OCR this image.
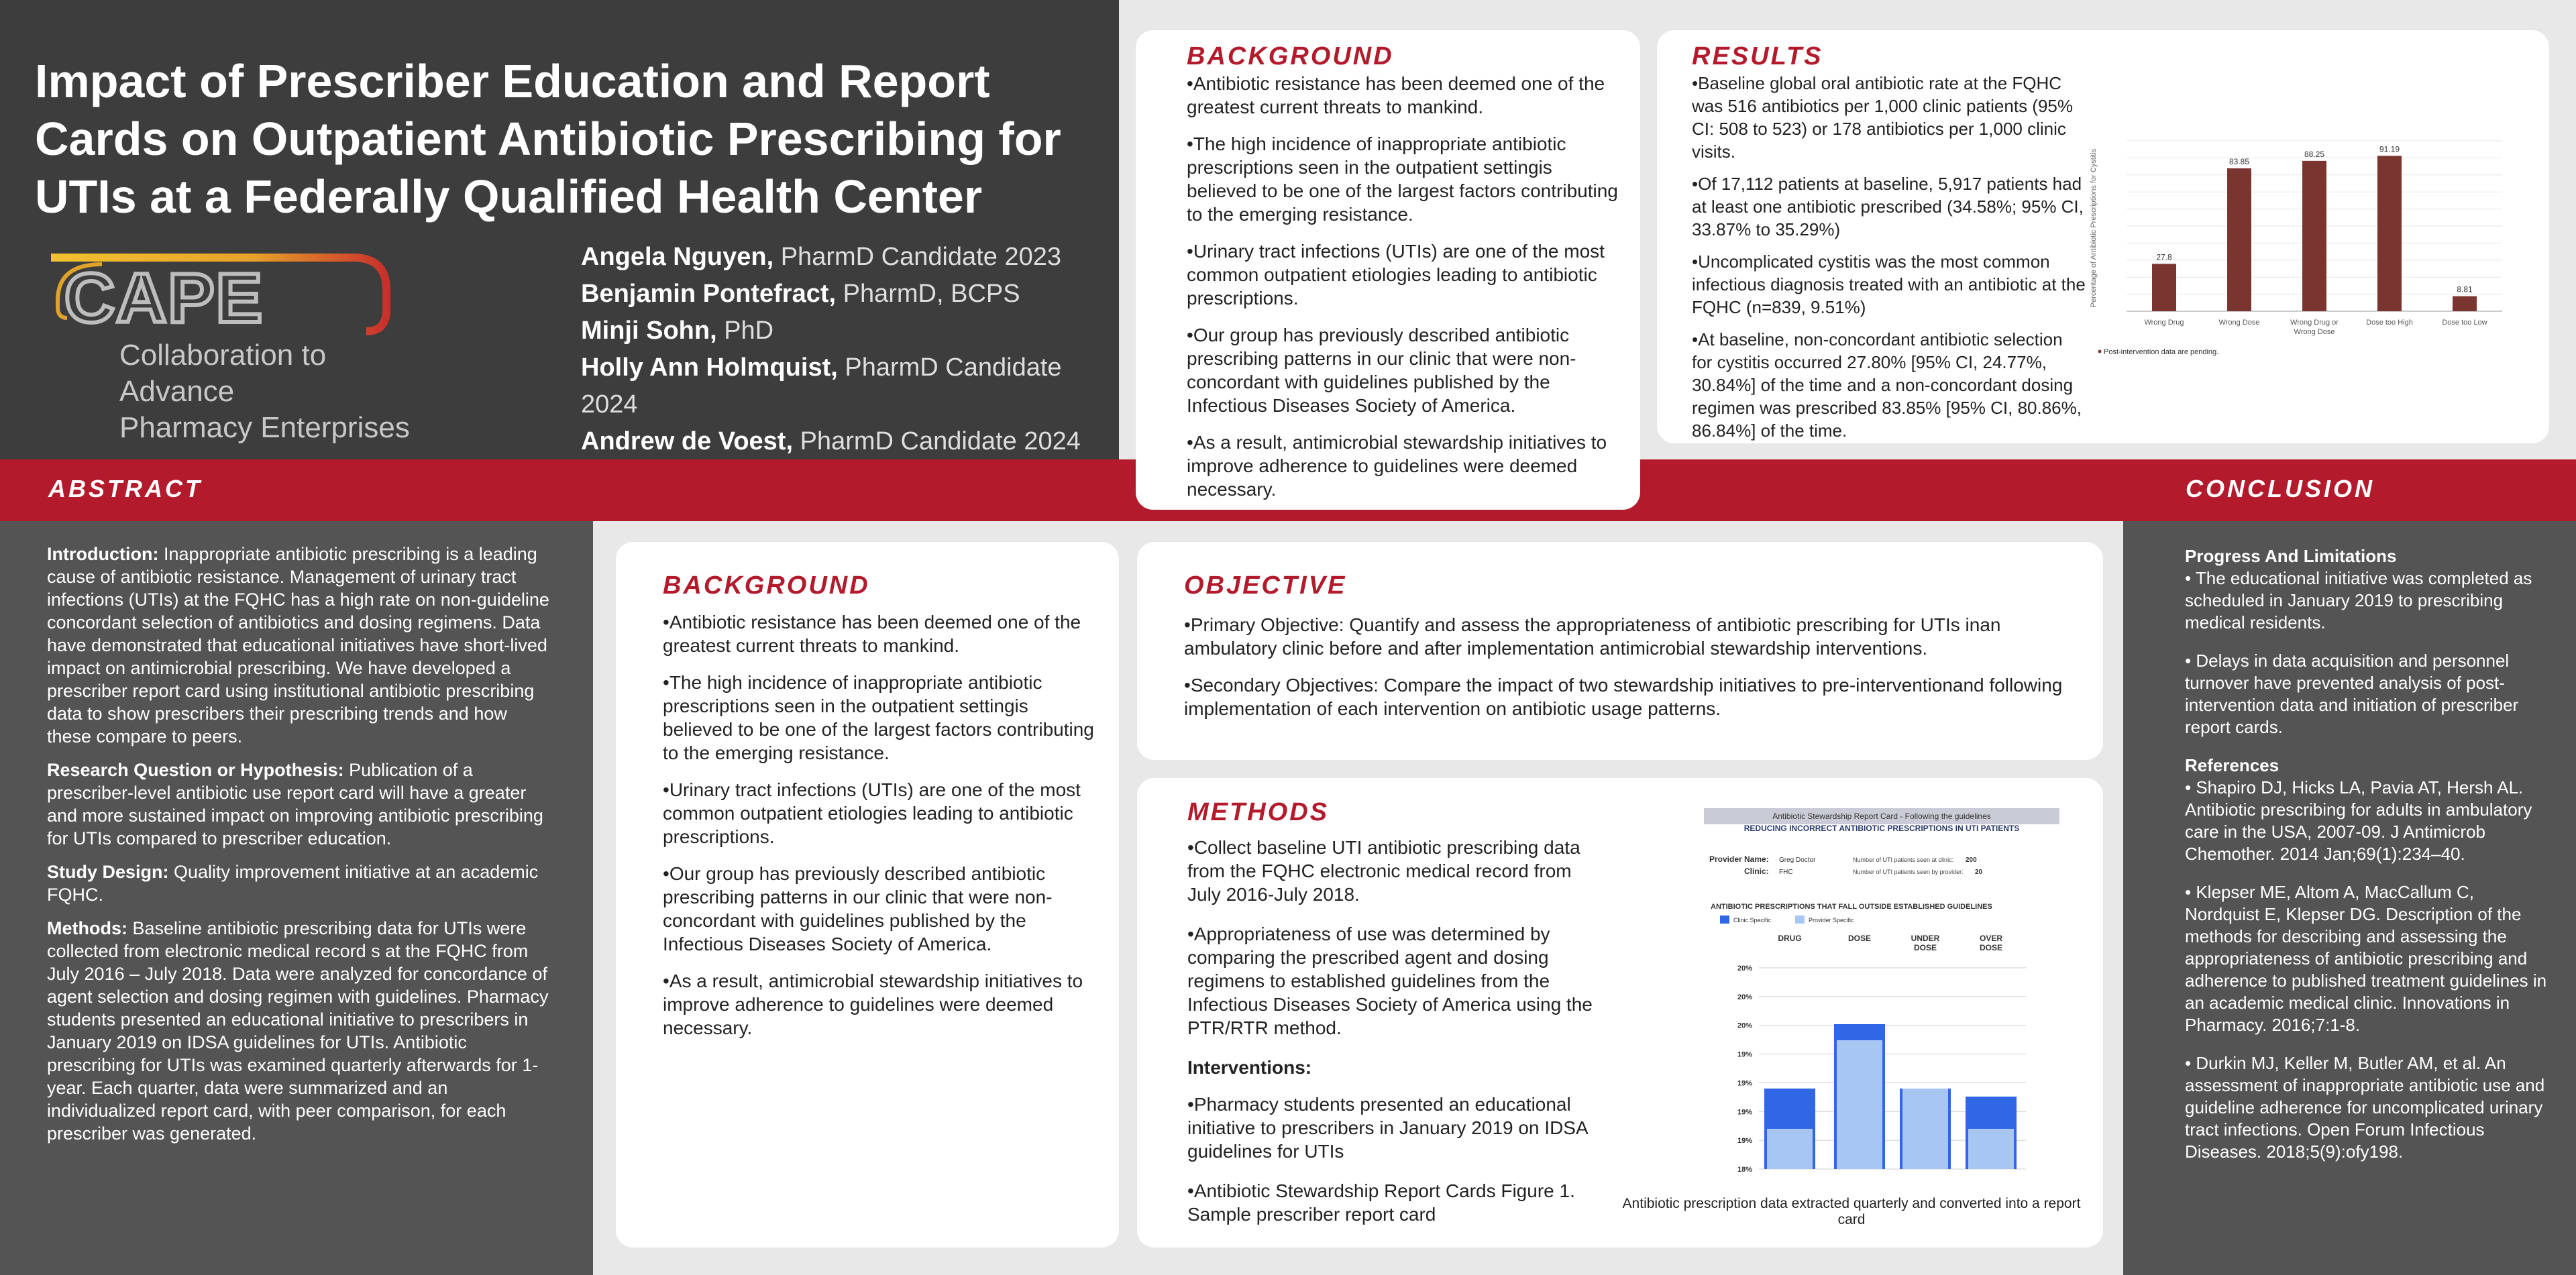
Impact of Prescriber Education and Report Cards on Outpatient Antibiotic Prescribing for UTIs at a Federally Qualified Health Center
CAPE
Collaboration to Advance
Pharmacy Enterprises
Angela Nguyen, PharmD Candidate 2023
Benjamin Pontefract, PharmD, BCPS
Minji Sohn, PhD
Holly Ann Holmquist, PharmD Candidate 2024
Andrew de Voest, PharmD Candidate 2024
ABSTRACT	CONCLUSION

Introduction: Inappropriate antibiotic prescribing is a leading cause of antibiotic resistance. Management of urinary tract infections (UTIs) at the FQHC has a high rate on non-guideline concordant selection of antibiotics and dosing regimens. Data have demonstrated that educational initiatives have short-lived impact on antimicrobial prescribing. We have developed a prescriber report card using institutional antibiotic prescribing data to show prescribers their prescribing trends and how these compare to peers.

Research Question or Hypothesis: Publication of a prescriber-level antibiotic use report card will have a greater and more sustained impact on improving antibiotic prescribing for UTIs compared to prescriber education.

Study Design: Quality improvement initiative at an academic FQHC.

Methods: Baseline antibiotic prescribing data for UTIs were collected from electronic medical record s at the FQHC from July 2016 – July 2018. Data were analyzed for concordance of agent selection and dosing regimen with guidelines. Pharmacy students presented an educational initiative to prescribers in January 2019 on IDSA guidelines for UTIs. Antibiotic prescribing for UTIs was examined quarterly afterwards for 1-year. Each quarter, data were summarized and an individualized report card, with peer comparison, for each prescriber was generated.

Progress And Limitations

• The educational initiative was completed as scheduled in January 2019 to prescribing medical residents.

• Delays in data acquisition and personnel turnover have prevented analysis of post-intervention data and initiation of prescriber report cards.

References

• Shapiro DJ, Hicks LA, Pavia AT, Hersh AL. Antibiotic prescribing for adults in ambulatory care in the USA, 2007-09. J Antimicrob Chemother. 2014 Jan;69(1):234–40.

• Klepser ME, Altom A, MacCallum C, Nordquist E, Klepser DG. Description of the methods for describing and assessing the appropriateness of antibiotic prescribing and adherence to published treatment guidelines in an academic medical clinic. Innovations in Pharmacy. 2016;7:1-8.

• Durkin MJ, Keller M, Butler AM, et al. An assessment of inappropriate antibiotic use and guideline adherence for uncomplicated urinary tract infections. Open Forum Infectious Diseases. 2018;5(9):ofy198.

BACKGROUND
• Antibiotic resistance has been deemed one of the greatest current threats to mankind.
• The high incidence of inappropriate antibiotic prescriptions seen in the outpatient settingis believed to be one of the largest factors contributing to the emerging resistance.
• Urinary tract infections (UTIs) are one of the most common outpatient etiologies leading to antibiotic prescriptions.
• Our group has previously described antibiotic prescribing patterns in our clinic that were non-concordant with guidelines published by the Infectious Diseases Society of America.
• As a result, antimicrobial stewardship initiatives to improve adherence to guidelines were deemed necessary.
RESULTS
• Baseline global oral antibiotic rate at the FQHC was 516 antibiotics per 1,000 clinic patients (95% CI: 508 to 523) or 178 antibiotics per 1,000 clinic visits.
• Of 17,112 patients at baseline, 5,917 patients had at least one antibiotic prescribed (34.58%; 95% CI, 33.87% to 35.29%)
• Uncomplicated cystitis was the most common infectious diagnosis treated with an antibiotic at the FQHC (n=839, 9.51%)
• At baseline, non-concordant antibiotic selection for cystitis occurred 27.80% [95% CI, 24.77%, 30.84%] of the time and a non-concordant dosing regimen was prescribed 83.85% [95% CI, 80.86%, 86.84%] of the time.
27.8
Wrong Drug
83.85
Wrong Dose
88.25
Wrong Drug or Wrong Dose
91.19
Dose too High
8.81
Dose too Low
Post-intervention data are pending.
Percentage of Antibiotic Prescriptions for Cystitis
BACKGROUND
• Antibiotic resistance has been deemed one of the greatest current threats to mankind.
• The high incidence of inappropriate antibiotic prescriptions seen in the outpatient settingis believed to be one of the largest factors contributing to the emerging resistance.
• Urinary tract infections (UTIs) are one of the most common outpatient etiologies leading to antibiotic prescriptions.
• Our group has previously described antibiotic prescribing patterns in our clinic that were non-concordant with guidelines published by the Infectious Diseases Society of America.
• As a result, antimicrobial stewardship initiatives to improve adherence to guidelines were deemed necessary.
OBJECTIVE
• Primary Objective: Quantify and assess the appropriateness of antibiotic prescribing for UTIs inan ambulatory clinic before and after implementation antimicrobial stewardship interventions.
• Secondary Objectives: Compare the impact of two stewardship initiatives to pre-interventionand following implementation of each intervention on antibiotic usage patterns.
METHODS
• Collect baseline UTI antibiotic prescribing data from the FQHC electronic medical record from July 2016-July 2018.
• Appropriateness of use was determined by comparing the prescribed agent and dosing regimens to established guidelines from the Infectious Diseases Society of America using the PTR/RTR method.
Interventions:
• Pharmacy students presented an educational initiative to prescribers in January 2019 on IDSA guidelines for UTIs
• Antibiotic Stewardship Report Cards Figure 1. Sample prescriber report card
Antibiotic Stewardship Report Card - Following the guidelines
REDUCING INCORRECT ANTIBIOTIC PRESCRIPTIONS IN UTI PATIENTS
Provider Name: Greg Doctor
Clinic: FHC
Number of UTI patients seen at clinic: 200
Number of UTI patients seen by provider: 20
ANTIBIOTIC PRESCRIPTIONS THAT FALL OUTSIDE ESTABLISHED GUIDELINES
Clinic Specific	Provider Specific
DRUG	DOSE	UNDER
DOSE
OVER
DOSE
20%
20%
20%
19%
19%
19%
19%
18%
Antibiotic prescription data extracted quarterly and converted into a report card
